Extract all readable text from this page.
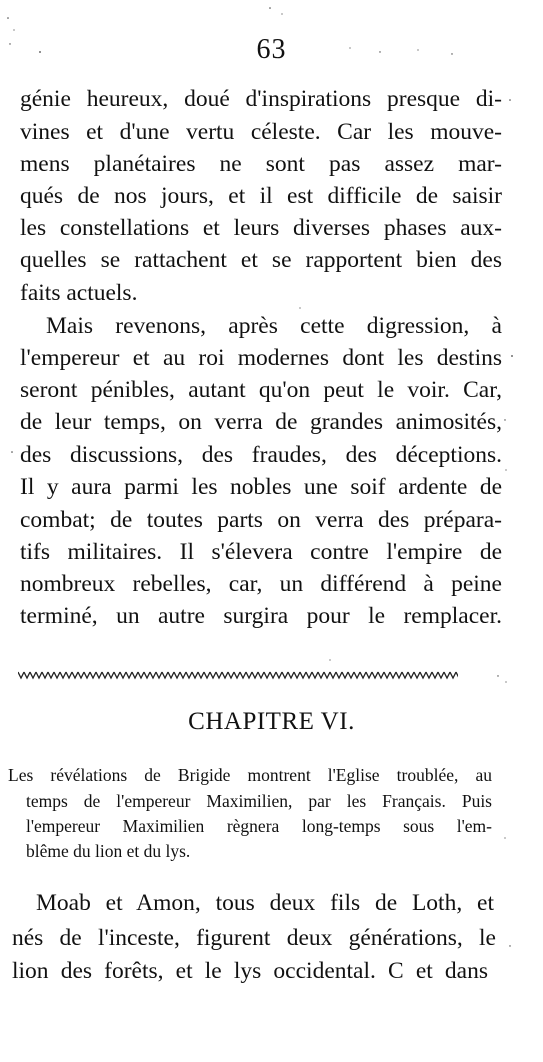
63
génie heureux, doué d'inspirations presque di-
vines et d'une vertu céleste. Car les mouve-
mens planétaires ne sont pas assez mar-
qués de nos jours, et il est difficile de saisir
les constellations et leurs diverses phases aux-
quelles se rattachent et se rapportent bien des
faits actuels.
Mais revenons, après cette digression, à
l'empereur et au roi modernes dont les destins
seront pénibles, autant qu'on peut le voir. Car,
de leur temps, on verra de grandes animosités,
des discussions, des fraudes, des déceptions.
Il y aura parmi les nobles une soif ardente de
combat; de toutes parts on verra des prépara-
tifs militaires. Il s'élevera contre l'empire de
nombreux rebelles, car, un différend à peine
terminé, un autre surgira pour le remplacer.
CHAPITRE VI.
Les révélations de Brigide montrent l'Eglise troublée, au
temps de l'empereur Maximilien, par les Français. Puis
l'empereur Maximilien règnera long-temps sous l'em-
blême du lion et du lys.
Moab et Amon, tous deux fils de Loth, et
nés de l'inceste, figurent deux générations, le
lion des forêts, et le lys occidental. C et dans
